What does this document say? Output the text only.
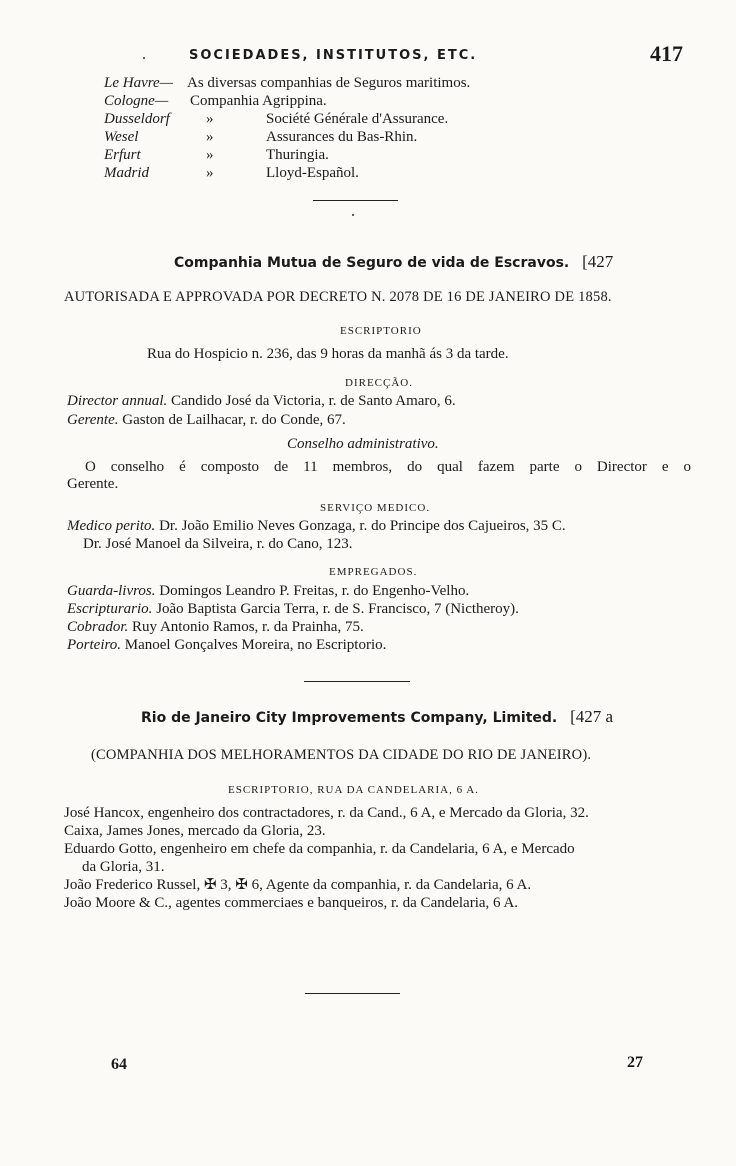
SOCIEDADES, INSTITUTOS, ETC.	417
Le Havre— As diversas companhias de Seguros maritimos.
Cologne— Companhia Agrippina.
Dusseldorf »	Société Générale d'Assurance.
Wesel	»	Assurances du Bas-Rhin.
Erfurt	»	Thuringia.
Madrid	»	Lloyd-Español.
Companhia Mutua de Seguro de vida de Escravos. [427
AUTORISADA E APPROVADA POR DECRETO N. 2078 DE 16 DE JANEIRO DE 1858.
ESCRIPTORIO
Rua do Hospicio n. 236, das 9 horas da manhã ás 3 da tarde.
DIRECÇÃO.
Director annual. Candido José da Victoria, r. de Santo Amaro, 6.
Gerente. Gaston de Lailhacar, r. do Conde, 67.
Conselho administrativo.
O conselho é composto de 11 membros, do qual fazem parte o Director e o
Gerente.
SERVIÇO MEDICO.
Medico perito. Dr. João Emilio Neves Gonzaga, r. do Principe dos Cajueiros, 35 C.
Dr. José Manoel da Silveira, r. do Cano, 123.
EMPREGADOS.
Guarda-livros. Domingos Leandro P. Freitas, r. do Engenho-Velho.
Escripturario. João Baptista Garcia Terra, r. de S. Francisco, 7 (Nictheroy).
Cobrador. Ruy Antonio Ramos, r. da Prainha, 75.
Porteiro. Manoel Gonçalves Moreira, no Escriptorio.
Rio de Janeiro City Improvements Company, Limited. [427 a
(COMPANHIA DOS MELHORAMENTOS DA CIDADE DO RIO DE JANEIRO).
ESCRIPTORIO, RUA DA CANDELARIA, 6 A.
José Hancox, engenheiro dos contractadores, r. da Cand., 6 A, e Mercado da Gloria, 32.
Caixa, James Jones, mercado da Gloria, 23.
Eduardo Gotto, engenheiro em chefe da companhia, r. da Candelaria, 6 A, e Mercado
da Gloria, 31.
João Frederico Russel, ✠ 3, ✠ 6, Agente da companhia, r. da Candelaria, 6 A.
João Moore & C., agentes commerciaes e banqueiros, r. da Candelaria, 6 A.
64	27
